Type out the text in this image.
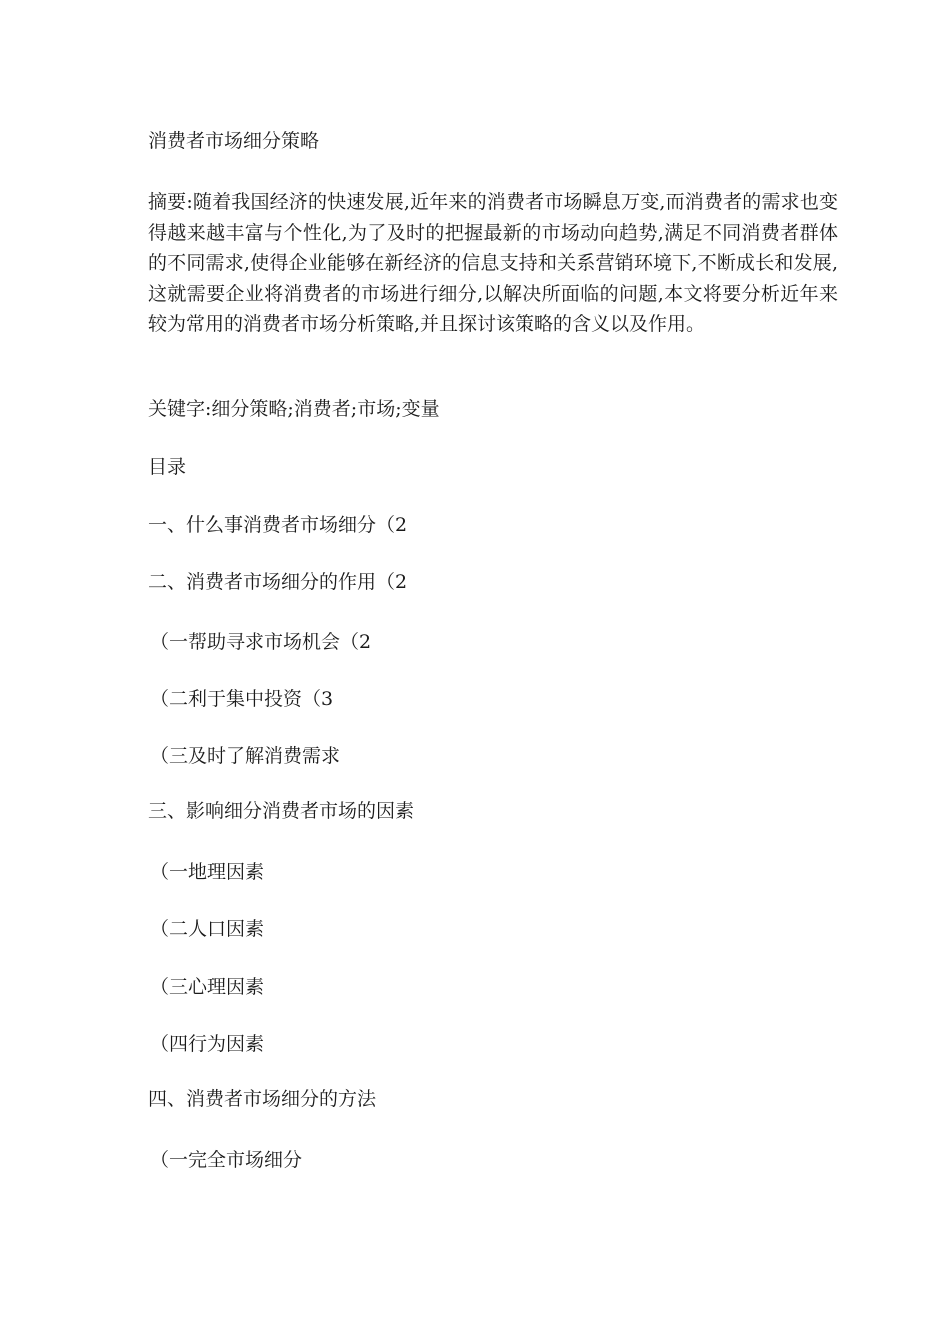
消费者市场细分策略
摘要:随着我国经济的快速发展,近年来的消费者市场瞬息万变,而消费者的需求也变得越来越丰富与个性化,为了及时的把握最新的市场动向趋势,满足不同消费者群体的不同需求,使得企业能够在新经济的信息支持和关系营销环境下,不断成长和发展,这就需要企业将消费者的市场进行细分,以解决所面临的问题,本文将要分析近年来较为常用的消费者市场分析策略,并且探讨该策略的含义以及作用。
关键字:细分策略;消费者;市场;变量
目录
一、什么事消费者市场细分（2
二、消费者市场细分的作用（2
（一帮助寻求市场机会（2
（二利于集中投资（3
（三及时了解消费需求
三、影响细分消费者市场的因素
（一地理因素
（二人口因素
（三心理因素
（四行为因素
四、消费者市场细分的方法
（一完全市场细分
